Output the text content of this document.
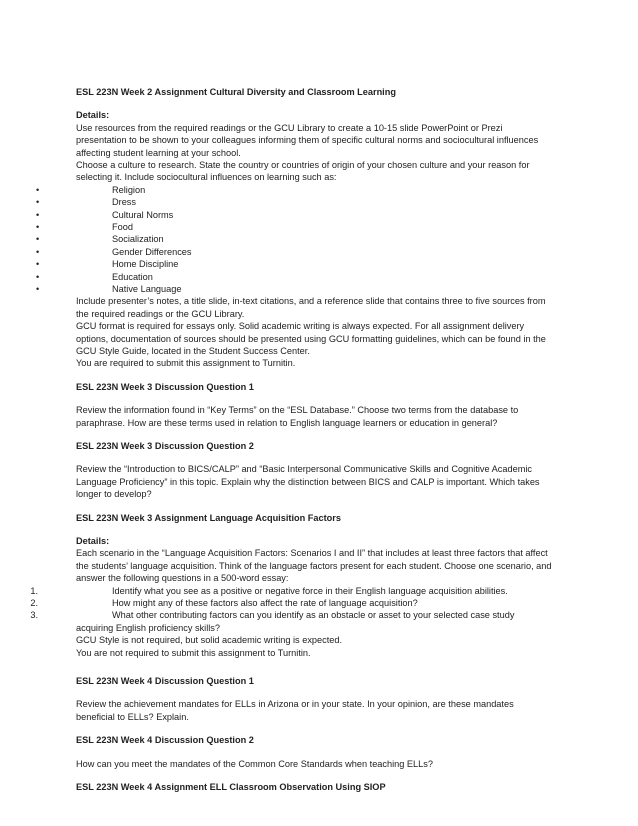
ESL 223N Week 2 Assignment Cultural Diversity and Classroom Learning

Details:

Use resources from the required readings or the GCU Library to create a 10-15 slide PowerPoint or Prezi

presentation to be shown to your colleagues informing them of specific cultural norms and sociocultural influences

affecting student learning at your school.

Choose a culture to research. State the country or countries of origin of your chosen culture and your reason for

selecting it. Include sociocultural influences on learning such as:

•	Religion
•	Dress
•	Cultural Norms
•	Food
•	Socialization
•	Gender Differences
•	Home Discipline
•	Education
•	Native Language

Include presenter’s notes, a title slide, in-text citations, and a reference slide that contains three to five sources from

the required readings or the GCU Library.

GCU format is required for essays only. Solid academic writing is always expected. For all assignment delivery

options, documentation of sources should be presented using GCU formatting guidelines, which can be found in the

GCU Style Guide, located in the Student Success Center.

You are required to submit this assignment to Turnitin.

ESL 223N Week 3 Discussion Question 1

Review the information found in “Key Terms” on the “ESL Database.” Choose two terms from the database to

paraphrase. How are these terms used in relation to English language learners or education in general?

ESL 223N Week 3 Discussion Question 2

Review the “Introduction to BICS/CALP” and “Basic Interpersonal Communicative Skills and Cognitive Academic

Language Proficiency” in this topic. Explain why the distinction between BICS and CALP is important. Which takes

longer to develop?

ESL 223N Week 3 Assignment Language Acquisition Factors

Details:

Each scenario in the “Language Acquisition Factors: Scenarios I and II” that includes at least three factors that affect

the students’ language acquisition. Think of the language factors present for each student. Choose one scenario, and

answer the following questions in a 500-word essay:

1.	Identify what you see as a positive or negative force in their English language acquisition abilities.
2.	How might any of these factors also affect the rate of language acquisition?
3.	What other contributing factors can you identify as an obstacle or asset to your selected case study

acquiring English proficiency skills?

GCU Style is not required, but solid academic writing is expected.

You are not required to submit this assignment to Turnitin.

ESL 223N Week 4 Discussion Question 1

Review the achievement mandates for ELLs in Arizona or in your state. In your opinion, are these mandates

beneficial to ELLs? Explain.

ESL 223N Week 4 Discussion Question 2

How can you meet the mandates of the Common Core Standards when teaching ELLs?

ESL 223N Week 4 Assignment ELL Classroom Observation Using SIOP
